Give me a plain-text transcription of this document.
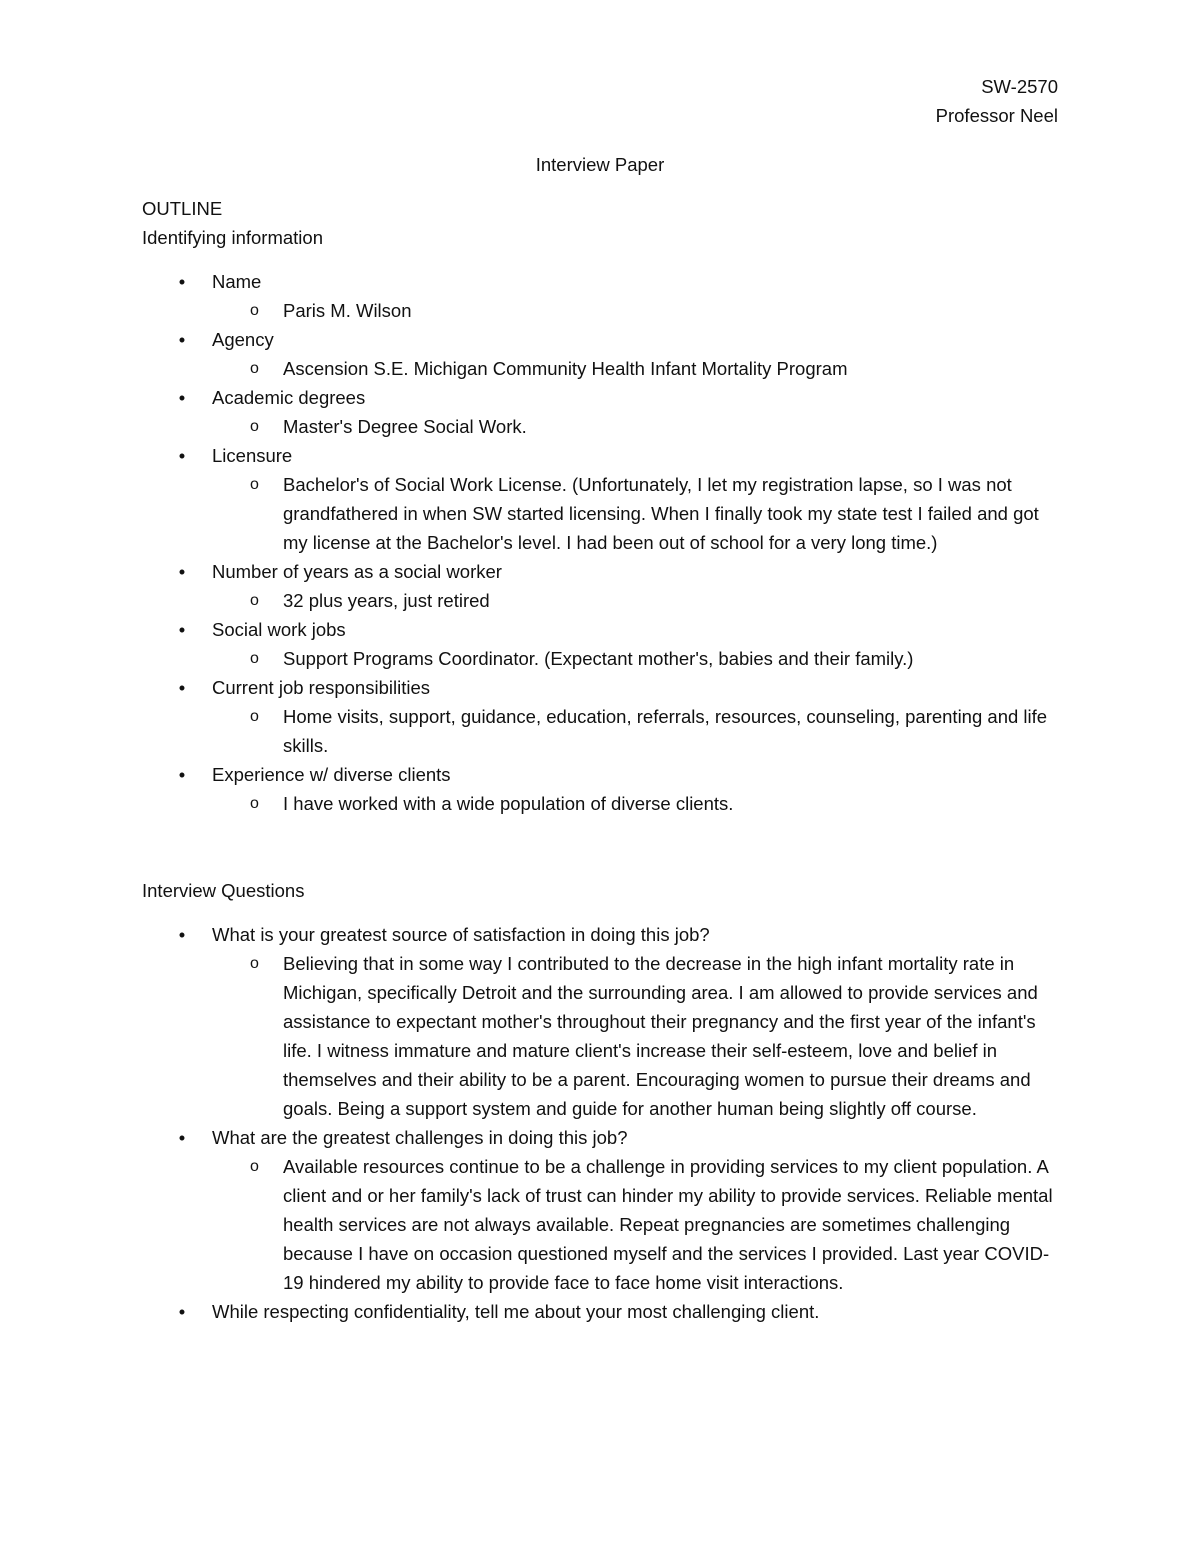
SW-2570
Professor Neel
Interview Paper
OUTLINE
Identifying information
• Name
o Paris M. Wilson
• Agency
o Ascension S.E. Michigan Community Health Infant Mortality Program
• Academic degrees
o Master's Degree Social Work.
• Licensure
o Bachelor's of Social Work License. (Unfortunately, I let my registration lapse, so I was not grandfathered in when SW started licensing. When I finally took my state test I failed and got my license at the Bachelor's level. I had been out of school for a very long time.)
• Number of years as a social worker
o 32 plus years, just retired
• Social work jobs
o Support Programs Coordinator. (Expectant mother's, babies and their family.)
• Current job responsibilities
o Home visits, support, guidance, education, referrals, resources, counseling, parenting and life skills.
• Experience w/ diverse clients
o I have worked with a wide population of diverse clients.
Interview Questions
• What is your greatest source of satisfaction in doing this job?
o Believing that in some way I contributed to the decrease in the high infant mortality rate in Michigan, specifically Detroit and the surrounding area. I am allowed to provide services and assistance to expectant mother's throughout their pregnancy and the first year of the infant's life. I witness immature and mature client's increase their self-esteem, love and belief in themselves and their ability to be a parent. Encouraging women to pursue their dreams and goals. Being a support system and guide for another human being slightly off course.
• What are the greatest challenges in doing this job?
o Available resources continue to be a challenge in providing services to my client population. A client and or her family's lack of trust can hinder my ability to provide services. Reliable mental health services are not always available. Repeat pregnancies are sometimes challenging because I have on occasion questioned myself and the services I provided. Last year COVID-19 hindered my ability to provide face to face home visit interactions.
• While respecting confidentiality, tell me about your most challenging client.
